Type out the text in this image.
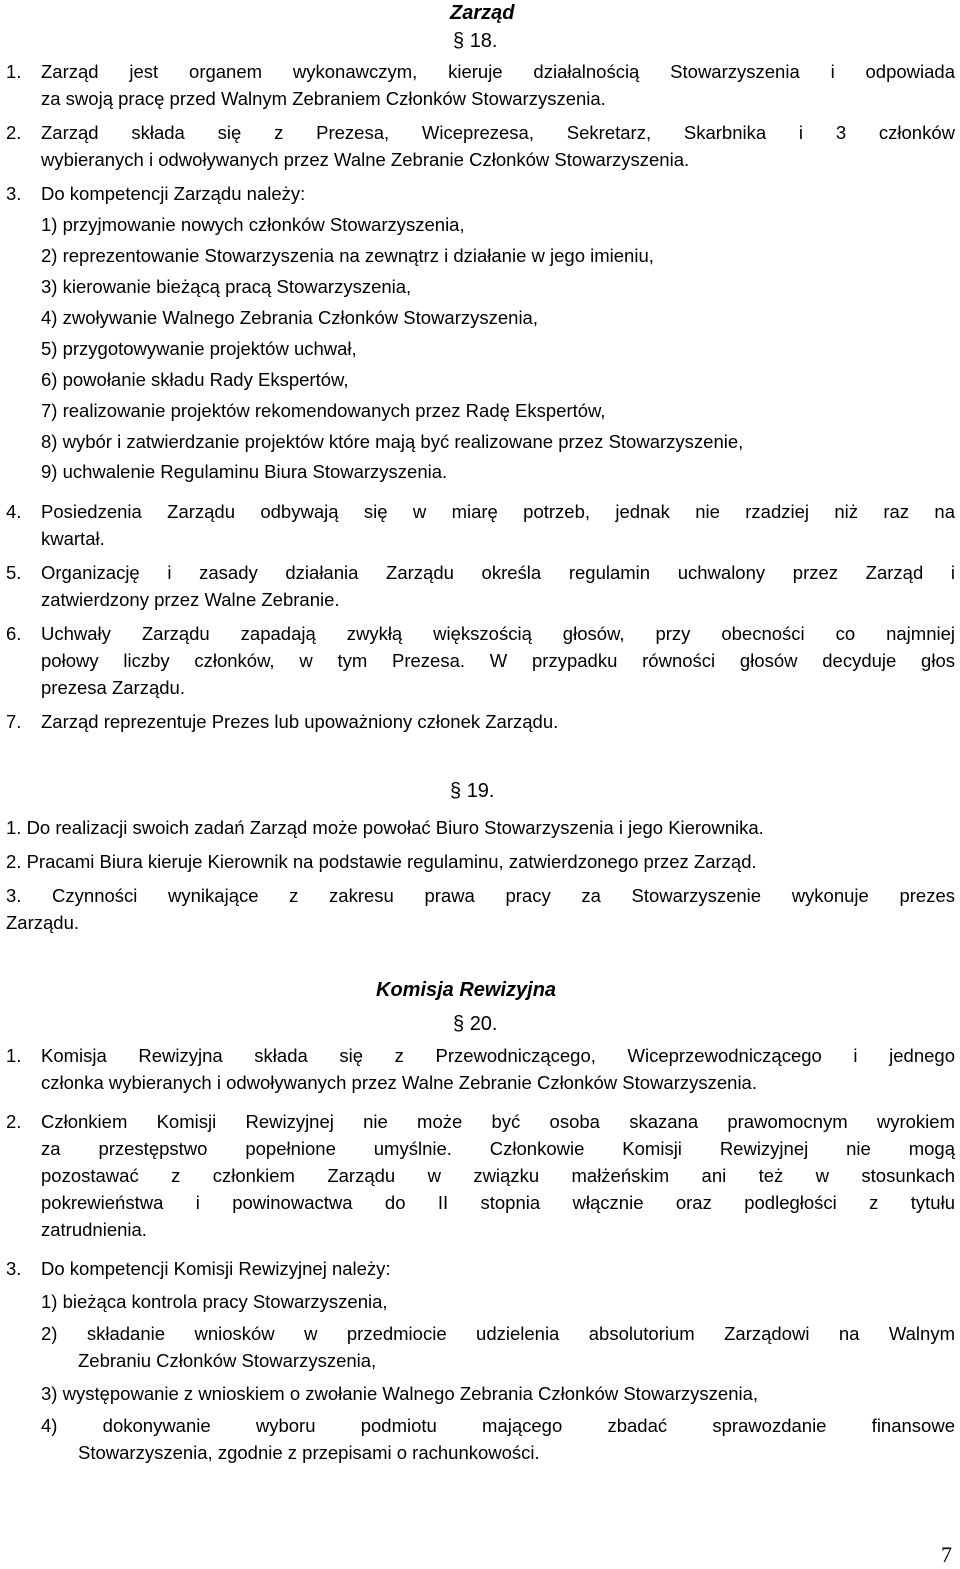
Zarząd

§ 18.

1. Zarząd jest organem wykonawczym, kieruje działalnością Stowarzyszenia i odpowiada

za swoją pracę przed Walnym Zebraniem Członków Stowarzyszenia.

2. Zarząd składa się z Prezesa, Wiceprezesa, Sekretarz, Skarbnika i 3 członków

wybieranych i odwoływanych przez Walne Zebranie Członków Stowarzyszenia.

3. Do kompetencji Zarządu należy:

1) przyjmowanie nowych członków Stowarzyszenia,

2) reprezentowanie Stowarzyszenia na zewnątrz i działanie w jego imieniu,

3) kierowanie bieżącą pracą Stowarzyszenia,

4) zwoływanie Walnego Zebrania Członków Stowarzyszenia,

5) przygotowywanie projektów uchwał,

6) powołanie składu Rady Ekspertów,

7) realizowanie projektów rekomendowanych przez Radę Ekspertów,

8) wybór i zatwierdzanie projektów które mają być realizowane przez Stowarzyszenie,

9) uchwalenie Regulaminu Biura Stowarzyszenia.

4. Posiedzenia Zarządu odbywają się w miarę potrzeb, jednak nie rzadziej niż raz na

kwartał.

5. Organizację i zasady działania Zarządu określa regulamin uchwalony przez Zarząd i

zatwierdzony przez Walne Zebranie.

6. Uchwały Zarządu zapadają zwykłą większością głosów, przy obecności co najmniej

połowy liczby członków, w tym Prezesa. W przypadku równości głosów decyduje głos

prezesa Zarządu.

7. Zarząd reprezentuje Prezes lub upoważniony członek Zarządu.

§ 19.

1. Do realizacji swoich zadań Zarząd może powołać Biuro Stowarzyszenia i jego Kierownika.

2. Pracami Biura kieruje Kierownik na podstawie regulaminu, zatwierdzonego przez Zarząd.

3. Czynności wynikające z zakresu prawa pracy za Stowarzyszenie wykonuje prezes

Zarządu.

Komisja Rewizyjna

§ 20.

1. Komisja Rewizyjna składa się z Przewodniczącego, Wiceprzewodniczącego i jednego

członka wybieranych i odwoływanych przez Walne Zebranie Członków Stowarzyszenia.

2. Członkiem Komisji Rewizyjnej nie może być osoba skazana prawomocnym wyrokiem

za przestępstwo popełnione umyślnie. Członkowie Komisji Rewizyjnej nie mogą

pozostawać z członkiem Zarządu w związku małżeńskim ani też w stosunkach

pokrewieństwa i powinowactwa do II stopnia włącznie oraz podległości z tytułu

zatrudnienia.

3. Do kompetencji Komisji Rewizyjnej należy:

1) bieżąca kontrola pracy Stowarzyszenia,

2) składanie wniosków w przedmiocie udzielenia absolutorium Zarządowi na Walnym

Zebraniu Członków Stowarzyszenia,

3) występowanie z wnioskiem o zwołanie Walnego Zebrania Członków Stowarzyszenia,

4) dokonywanie wyboru podmiotu mającego zbadać sprawozdanie finansowe

Stowarzyszenia, zgodnie z przepisami o rachunkowości.

7
